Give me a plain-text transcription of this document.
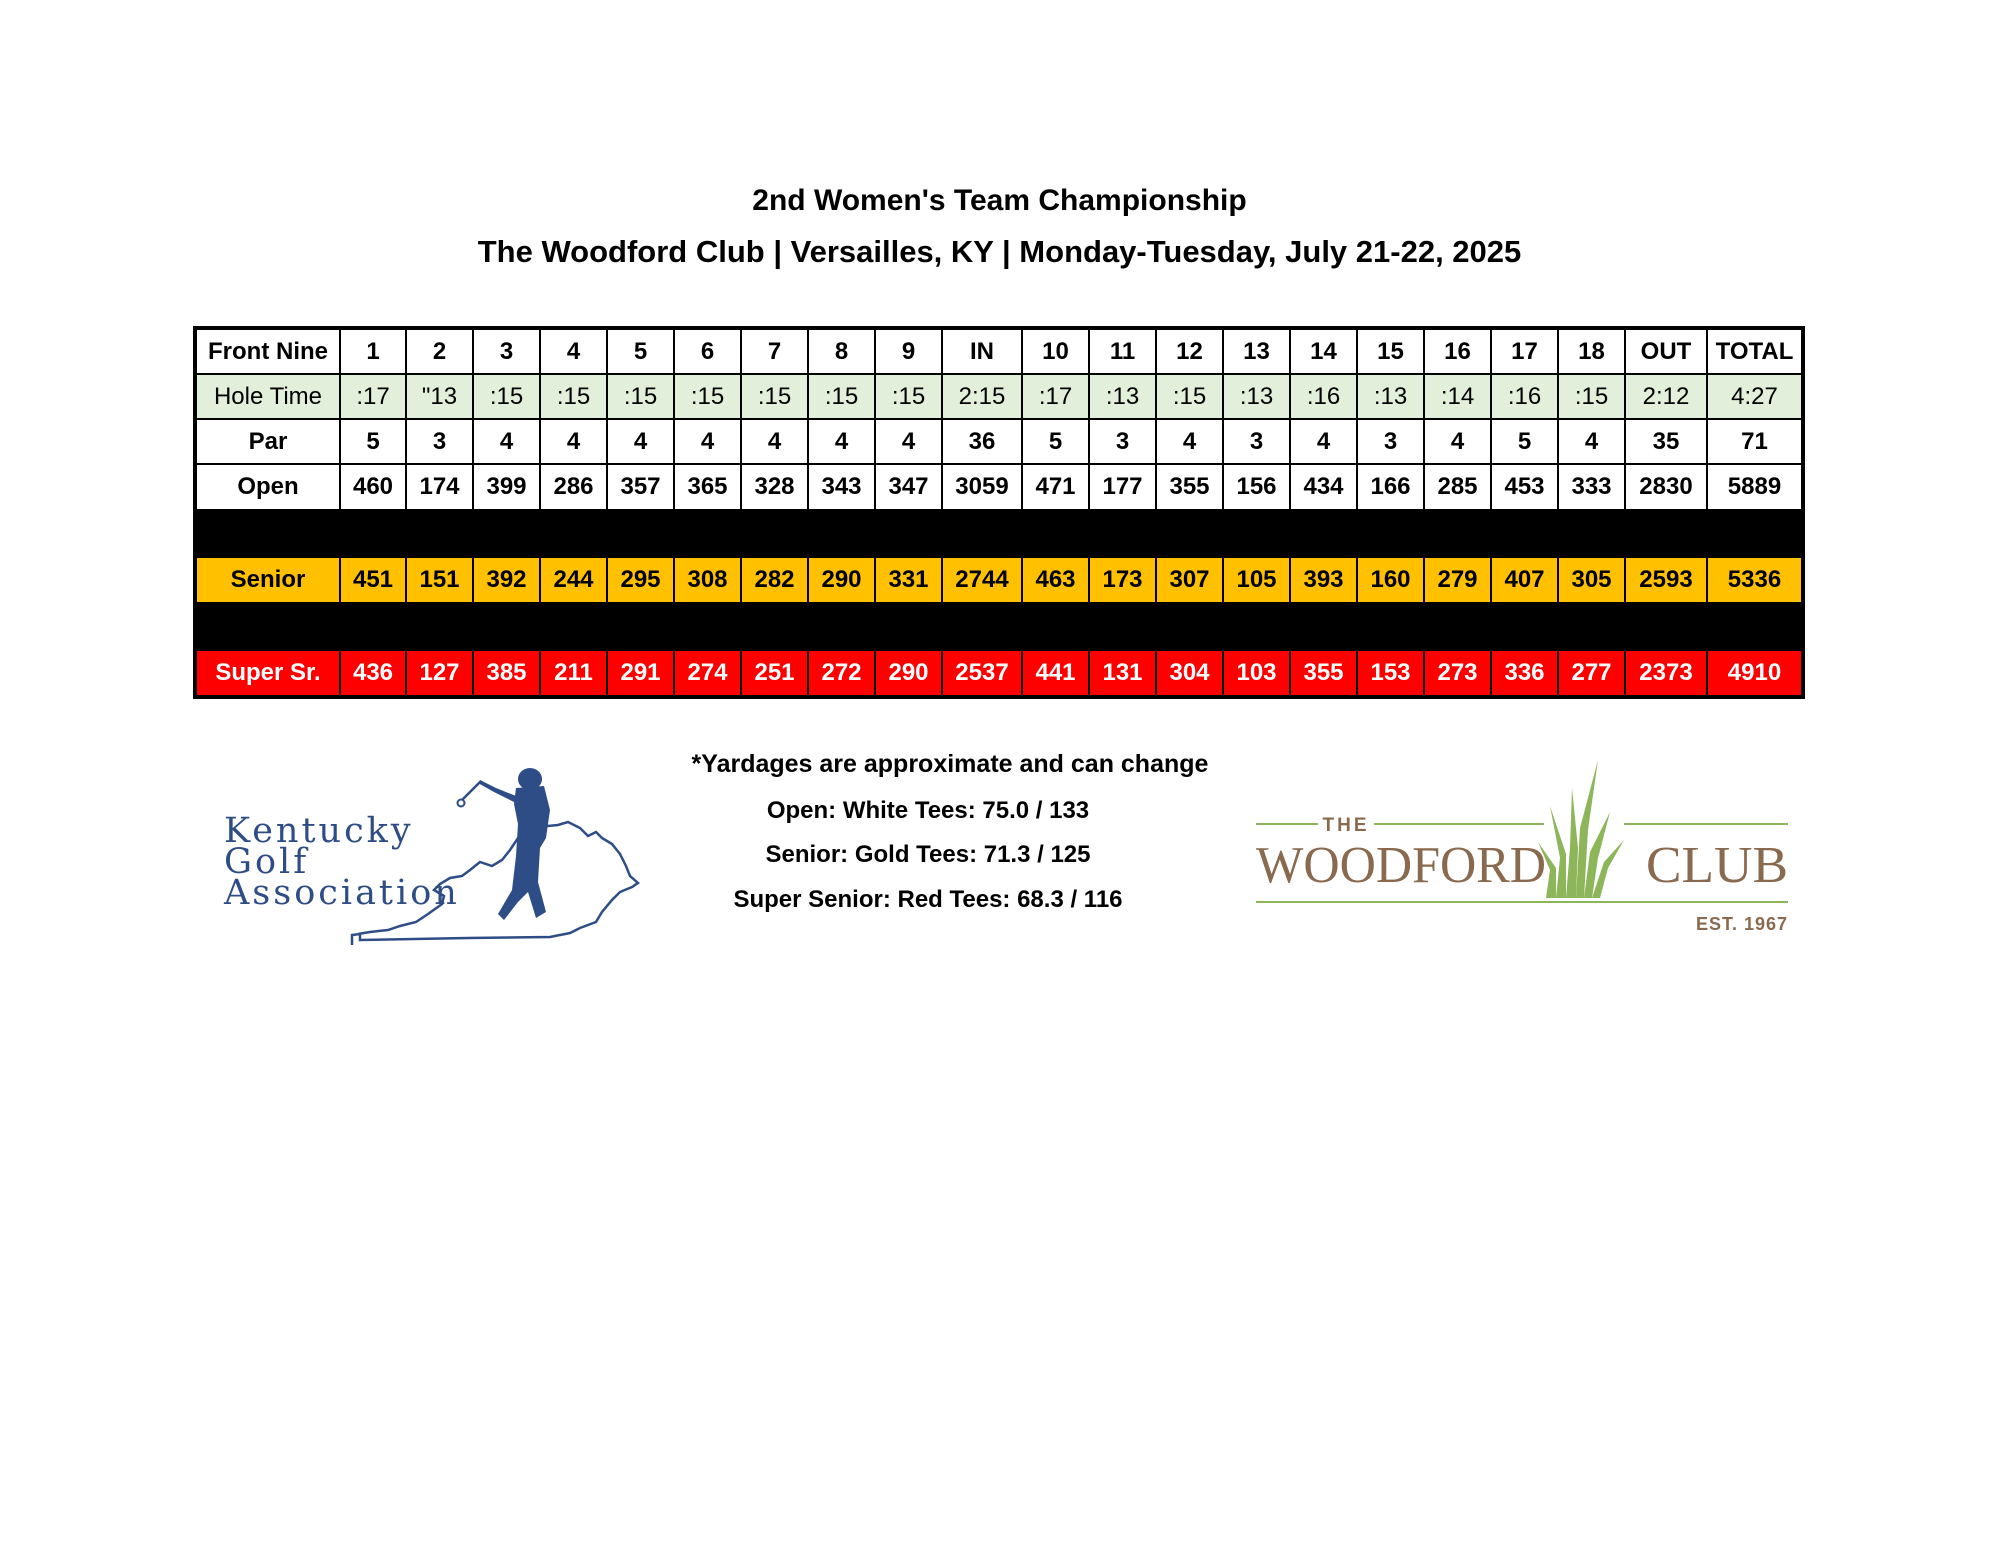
2nd Women's Team Championship
The Woodford Club | Versailles, KY | Monday-Tuesday, July 21-22, 2025
Front Nine	1	2	3	4	5	6	7	8	9	IN	10	11	12	13	14	15	16	17	18	OUT	TOTAL
Hole Time	:17	"13	:15	:15	:15	:15	:15	:15	:15	2:15	:17	:13	:15	:13	:16	:13	:14	:16	:15	2:12	4:27
Par	5	3	4	4	4	4	4	4	4	36	5	3	4	3	4	3	4	5	4	35	71
Open	460	174	399	286	357	365	328	343	347	3059	471	177	355	156	434	166	285	453	333	2830	5889

Senior	451	151	392	244	295	308	282	290	331	2744	463	173	307	105	393	160	279	407	305	2593	5336

Super Sr.	436	127	385	211	291	274	251	272	290	2537	441	131	304	103	355	153	273	336	277	2373	4910
Kentucky
Golf
Association
*Yardages are approximate and can change
Open: White Tees: 75.0 / 133
Senior: Gold Tees: 71.3 / 125
Super Senior: Red Tees: 68.3 / 116
THE
WOODFORD CLUB
EST. 1967
